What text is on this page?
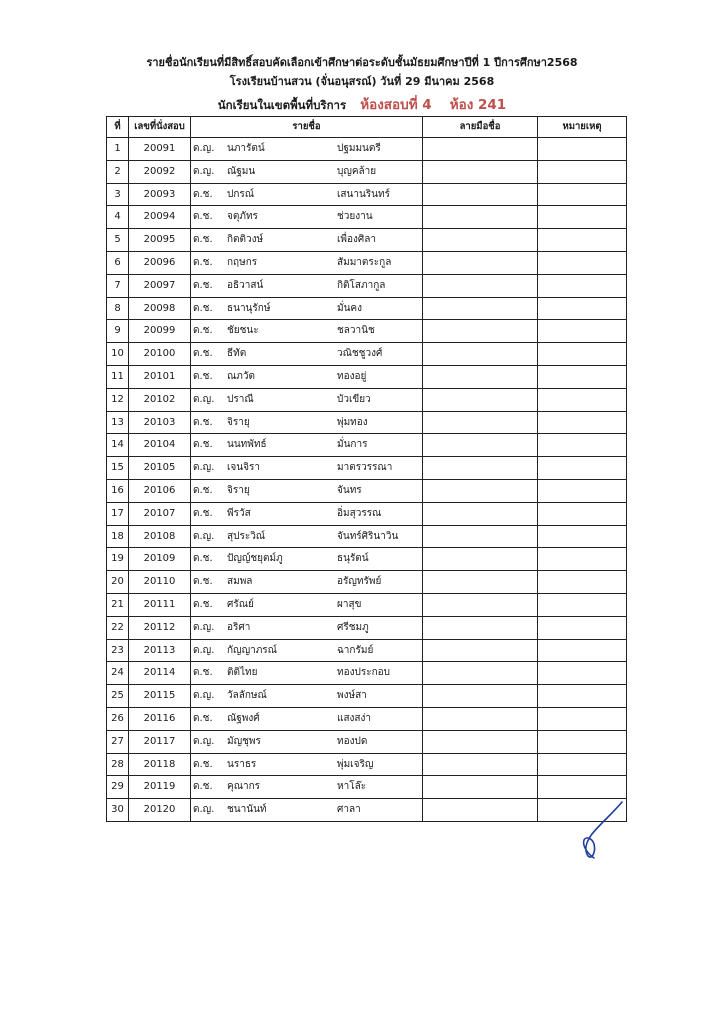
รายชื่อนักเรียนที่มีสิทธิ์สอบคัดเลือกเข้าศึกษาต่อระดับชั้นมัธยมศึกษาปีที่ 1 ปีการศึกษา2568
โรงเรียนบ้านสวน (จั่นอนุสรณ์) วันที่ 29 มีนาคม 2568
นักเรียนในเขตพื้นที่บริการ ห้องสอบที่ 4 ห้อง 241
ที่	เลขที่นั่งสอบ	รายชื่อ	ลายมือชื่อ	หมายเหตุ
1	20091	ด.ญ. นภารัตน์ ปฐมมนตรี		
2	20092	ด.ญ. ณัฐมน บุญคล้าย		
3	20093	ด.ช. ปกรณ์ เสนานรินทร์		
4	20094	ด.ช. จตุภัทร ช่วยงาน		
5	20095	ด.ช. กิตติวงษ์ เพื่องศิลา		
6	20096	ด.ช. กฤษกร สัมมาตระกูล		
7	20097	ด.ช. อธิวาสน์ กิติโสภากูล		
8	20098	ด.ช. ธนานุรักษ์ มั่นคง		
9	20099	ด.ช. ชัยชนะ ชลวานิช		
10	20100	ด.ช. ธีทัต วณิชชูวงศ์		
11	20101	ด.ช. ณภวัต ทองอยู่		
12	20102	ด.ญ. ปราณี บัวเขียว		
13	20103	ด.ช. จิรายุ พุ่มทอง		
14	20104	ด.ช. นนทพัทธ์ มั่นการ		
15	20105	ด.ญ. เจนจิรา มาตรวรรณา		
16	20106	ด.ช. จิรายุ จันทร		
17	20107	ด.ช. พีรวัส อิ่มสุวรรณ		
18	20108	ด.ญ. สุประวิณ์ จันทร์ศิรินาวิน		
19	20109	ด.ช. ปัญญ์ชยุตม์ภู ธนุรัตน์		
20	20110	ด.ช. สมพล อรัญทรัพย์		
21	20111	ด.ช. ศรัณย์ ผาสุข		
22	20112	ด.ญ. อริศา ศรีชมภู		
23	20113	ด.ญ. กัญญาภรณ์ ฉากรัมย์		
24	20114	ด.ช. ติติไทย ทองประกอบ		
25	20115	ด.ญ. วัลลักษณ์ พงษ์สา		
26	20116	ด.ช. ณัฐพงศ์ แสงสง่า		
27	20117	ด.ญ. มัญชุพร ทองปด		
28	20118	ด.ช. นราธร พุ่มเจริญ		
29	20119	ด.ช. คุณากร หาโล๊ะ		
30	20120	ด.ญ. ชนานันท์ ศาลา		
